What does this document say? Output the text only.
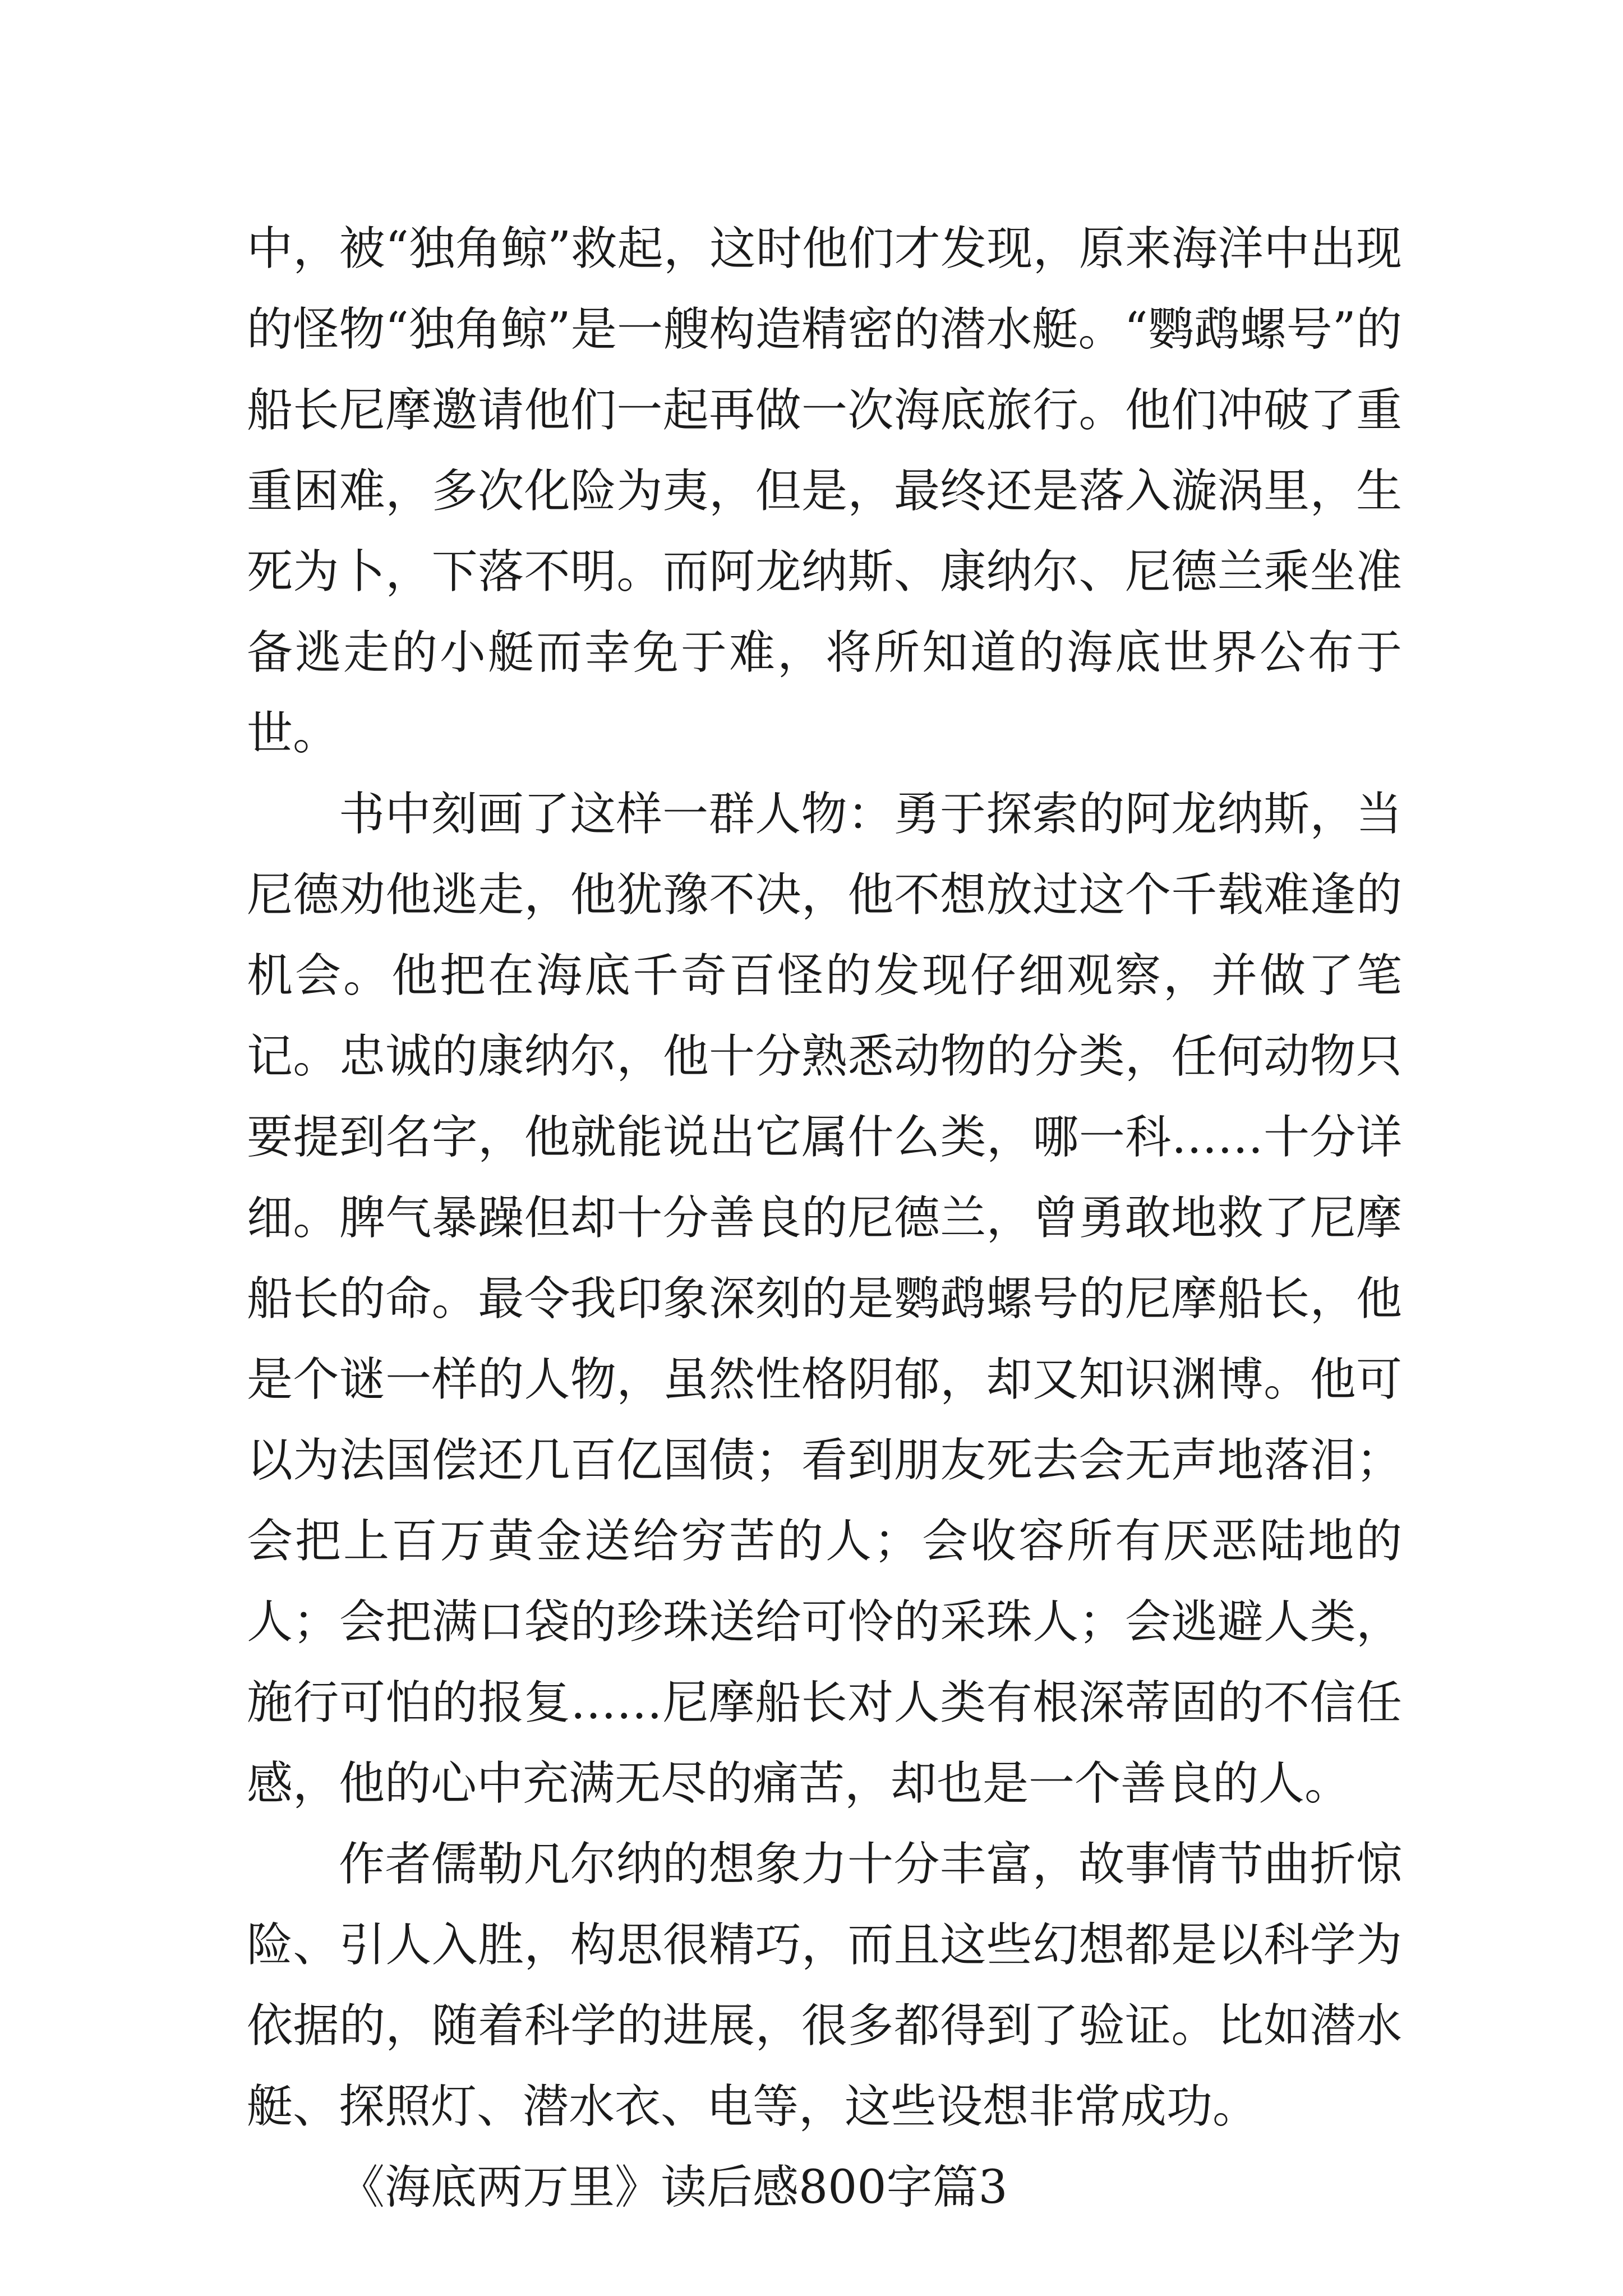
中，被“独角鲸”救起，这时他们才发现，原来海洋中出现的怪物“独角鲸”是一艘构造精密的潜水艇。“鹦鹉螺号”的船长尼摩邀请他们一起再做一次海底旅行。他们冲破了重重困难，多次化险为夷，但是，最终还是落入漩涡里，生死为卜，下落不明。而阿龙纳斯、康纳尔、尼德兰乘坐准备逃走的小艇而幸免于难，将所知道的海底世界公布于世。

书中刻画了这样一群人物：勇于探索的阿龙纳斯，当尼德劝他逃走，他犹豫不决，他不想放过这个千载难逢的机会。他把在海底千奇百怪的发现仔细观察，并做了笔记。忠诚的康纳尔，他十分熟悉动物的分类，任何动物只要提到名字，他就能说出它属什么类，哪一科……十分详细。脾气暴躁但却十分善良的尼德兰，曾勇敢地救了尼摩船长的命。最令我印象深刻的是鹦鹉螺号的尼摩船长，他是个谜一样的人物，虽然性格阴郁，却又知识渊博。他可以为法国偿还几百亿国债；看到朋友死去会无声地落泪；会把上百万黄金送给穷苦的人；会收容所有厌恶陆地的人；会把满口袋的珍珠送给可怜的采珠人；会逃避人类，施行可怕的报复……尼摩船长对人类有根深蒂固的不信任感，他的心中充满无尽的痛苦，却也是一个善良的人。

作者儒勒凡尔纳的想象力十分丰富，故事情节曲折惊险、引人入胜，构思很精巧，而且这些幻想都是以科学为依据的，随着科学的进展，很多都得到了验证。比如潜水艇、探照灯、潜水衣、电等，这些设想非常成功。

《海底两万里》读后感800字篇3
